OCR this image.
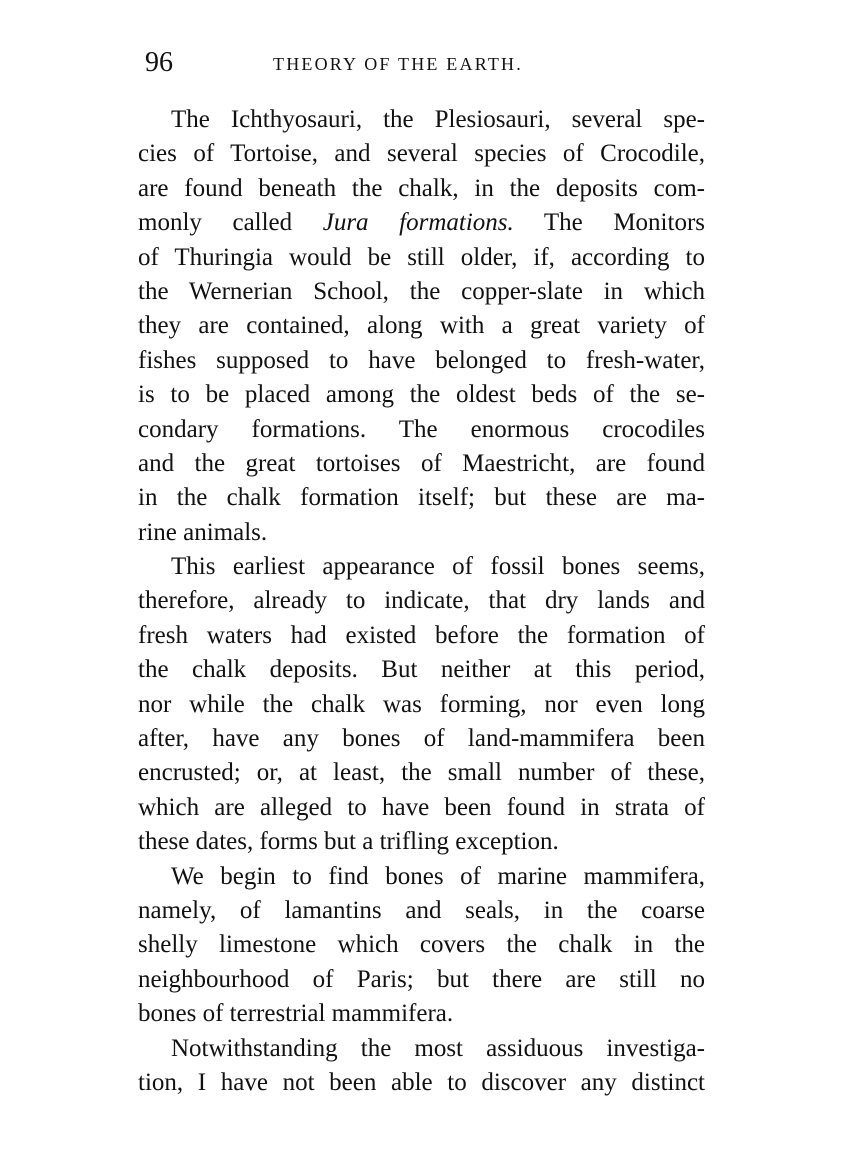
96	THEORY OF THE EARTH.
The Ichthyosauri, the Plesiosauri, several spe-
cies of Tortoise, and several species of Crocodile,
are found beneath the chalk, in the deposits com-
monly called Jura formations. The Monitors
of Thuringia would be still older, if, according to
the Wernerian School, the copper-slate in which
they are contained, along with a great variety of
fishes supposed to have belonged to fresh-water,
is to be placed among the oldest beds of the se-
condary formations. The enormous crocodiles
and the great tortoises of Maestricht, are found
in the chalk formation itself; but these are ma-
rine animals.
This earliest appearance of fossil bones seems,
therefore, already to indicate, that dry lands and
fresh waters had existed before the formation of
the chalk deposits. But neither at this period,
nor while the chalk was forming, nor even long
after, have any bones of land-mammifera been
encrusted; or, at least, the small number of these,
which are alleged to have been found in strata of
these dates, forms but a trifling exception.
We begin to find bones of marine mammifera,
namely, of lamantins and seals, in the coarse
shelly limestone which covers the chalk in the
neighbourhood of Paris; but there are still no
bones of terrestrial mammifera.
Notwithstanding the most assiduous investiga-
tion, I have not been able to discover any distinct
